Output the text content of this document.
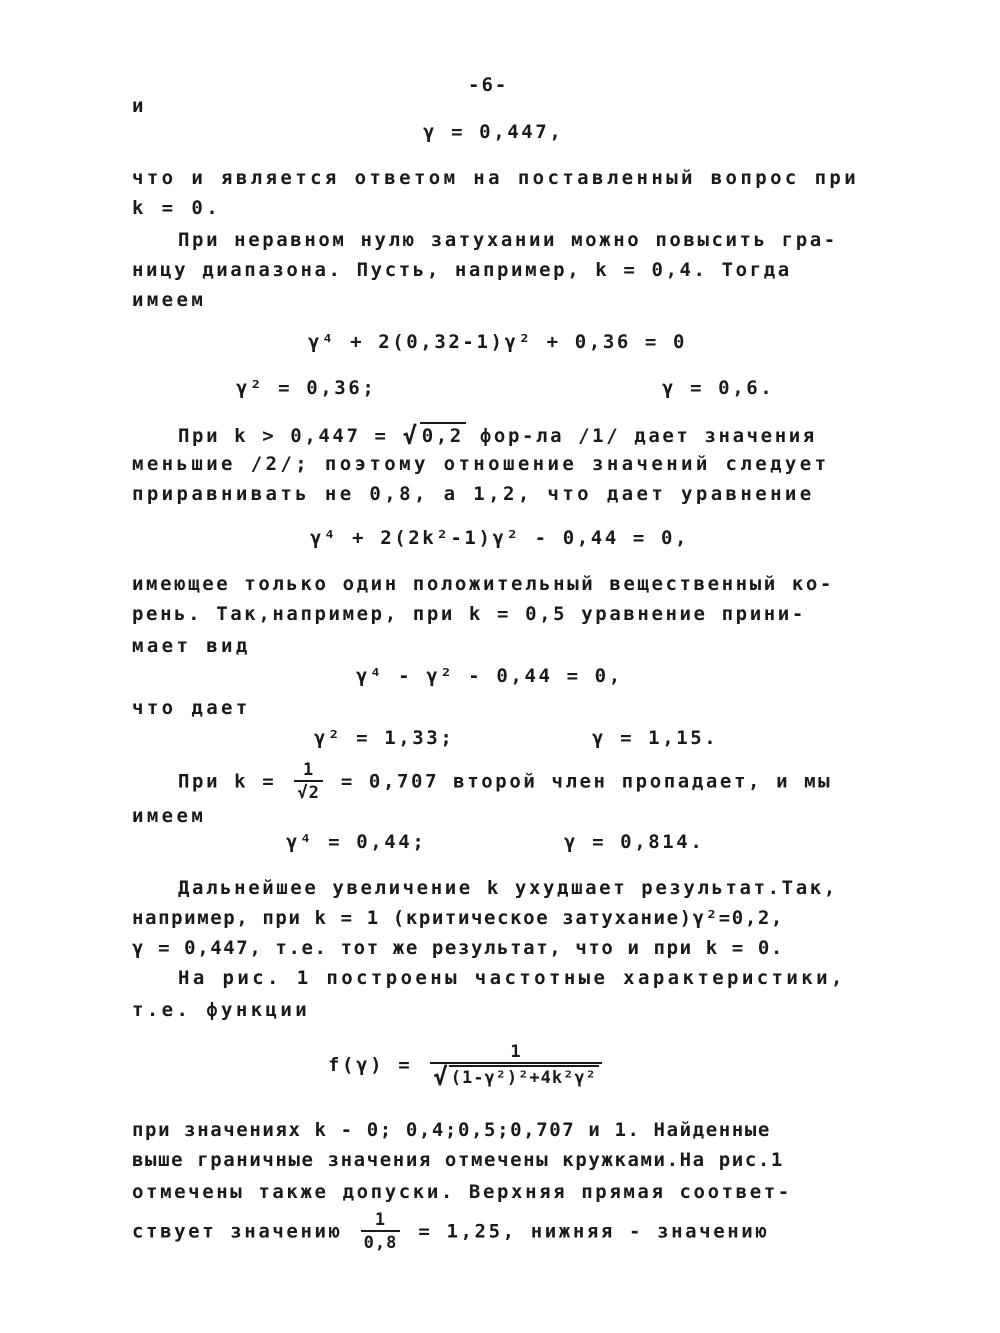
-6-
и
γ = 0,447,
что и является ответом на поставленный вопрос при
k = 0.
При неравном нулю затухании можно повысить гра-
ницу диапазона. Пусть, например, k = 0,4. Тогда
имеем
γ⁴ + 2(0,32-1)γ² + 0,36 = 0
γ² = 0,36;	γ = 0,6.
При k > 0,447 = √ 0,2 фор-ла /1/ дает значения
меньшие /2/; поэтому отношение значений следует
приравнивать не 0,8, а 1,2, что дает уравнение
γ⁴ + 2(2k²-1)γ² - 0,44 = 0,
имеющее только один положительный вещественный ко-
рень. Так,например, при k = 0,5 уравнение прини-
мает вид
γ⁴ - γ² - 0,44 = 0,
что дает
γ² = 1,33;	γ = 1,15.
При $k = \frac{1}{√2} = 0,707$ второй член пропадает, и мы
имеем
γ⁴ = 0,44;	γ = 0,814.
Дальнейшее увеличение k ухудшает результат.Так,
например, при k = 1 (критическое затухание)γ²=0,2,
γ = 0,447, т.е. тот же результат, что и при k = 0.
На рис. 1 построены частотные характеристики,
т.е. функции
$f(\gamma) = \frac{1}{\text{√ (1-γ²)²+4k²γ²}}$
при значениях k - 0; 0,4;0,5;0,707 и 1. Найденные
выше граничные значения отмечены кружками.На рис.1
отмечены также допуски. Верхняя прямая соответ-
ствует значению $\frac{1}{0,8} = 1,25$, нижняя - значению
